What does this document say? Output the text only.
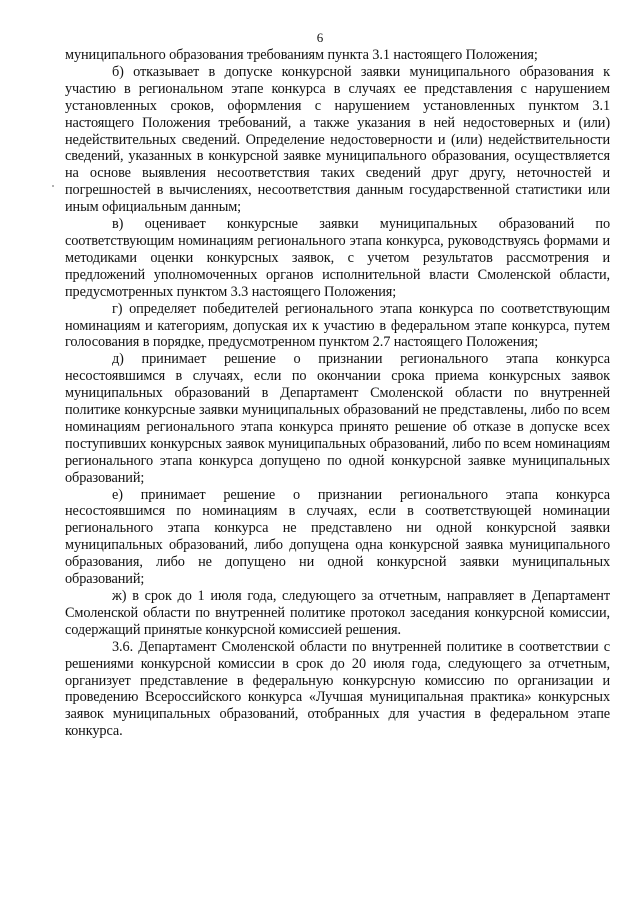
6

муниципального образования требованиям пункта 3.1 настоящего Положения;

б) отказывает в допуске конкурсной заявки муниципального образования к участию в региональном этапе конкурса в случаях ее представления с нарушением установленных сроков, оформления с нарушением установленных пунктом 3.1 настоящего Положения требований, а также указания в ней недостоверных и (или) недействительных сведений. Определение недостоверности и (или) недействительности сведений, указанных в конкурсной заявке муниципального образования, осуществляется на основе выявления несоответствия таких сведений друг другу, неточностей и погрешностей в вычислениях, несоответствия данным государственной статистики или иным официальным данным;

в) оценивает конкурсные заявки муниципальных образований по соответствующим номинациям регионального этапа конкурса, руководствуясь формами и методиками оценки конкурсных заявок, с учетом результатов рассмотрения и предложений уполномоченных органов исполнительной власти Смоленской области, предусмотренных пунктом 3.3 настоящего Положения;

г) определяет победителей регионального этапа конкурса по соответствующим номинациям и категориям, допуская их к участию в федеральном этапе конкурса, путем голосования в порядке, предусмотренном пунктом 2.7 настоящего Положения;

д) принимает решение о признании регионального этапа конкурса несостоявшимся в случаях, если по окончании срока приема конкурсных заявок муниципальных образований в Департамент Смоленской области по внутренней политике конкурсные заявки муниципальных образований не представлены, либо по всем номинациям регионального этапа конкурса принято решение об отказе в допуске всех поступивших конкурсных заявок муниципальных образований, либо по всем номинациям регионального этапа конкурса допущено по одной конкурсной заявке муниципальных образований;

е) принимает решение о признании регионального этапа конкурса несостоявшимся по номинациям в случаях, если в соответствующей номинации регионального этапа конкурса не представлено ни одной конкурсной заявки муниципальных образований, либо допущена одна конкурсной заявка муниципального образования, либо не допущено ни одной конкурсной заявки муниципальных образований;

ж) в срок до 1 июля года, следующего за отчетным, направляет в Департамент Смоленской области по внутренней политике протокол заседания конкурсной комиссии, содержащий принятые конкурсной комиссией решения.

3.6. Департамент Смоленской области по внутренней политике в соответствии с решениями конкурсной комиссии в срок до 20 июля года, следующего за отчетным, организует представление в федеральную конкурсную комиссию по организации и проведению Всероссийского конкурса «Лучшая муниципальная практика» конкурсных заявок муниципальных образований, отобранных для участия в федеральном этапе конкурса.
